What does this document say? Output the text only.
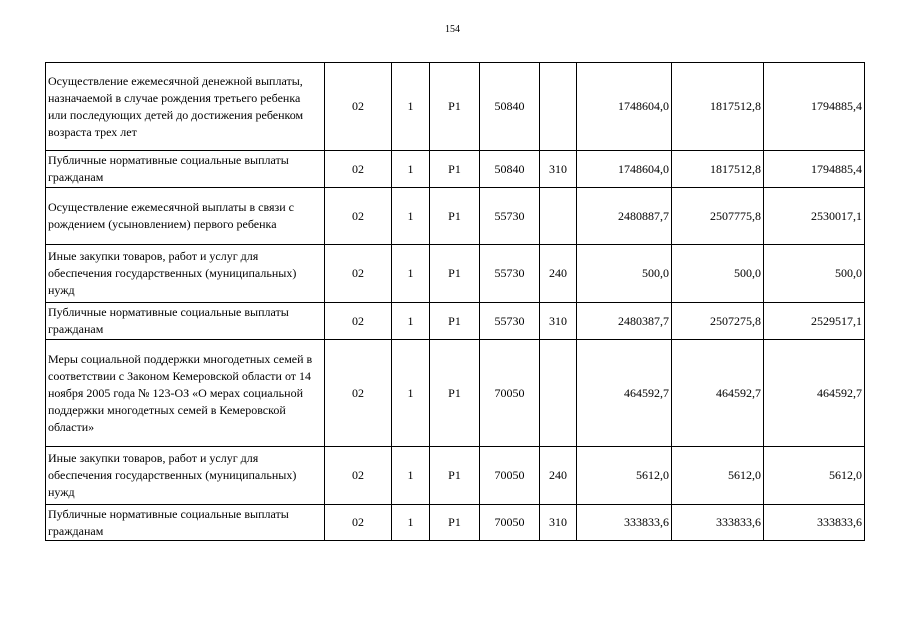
154
Осуществление ежемесячной денежной выплаты, назначаемой в случае рождения третьего ребенка или последующих детей до достижения ребенком возраста трех лет	02	1	P1	50840		1748604,0	1817512,8	1794885,4
Публичные нормативные социальные выплаты гражданам	02	1	P1	50840	310	1748604,0	1817512,8	1794885,4
Осуществление ежемесячной выплаты в связи с рождением (усыновлением) первого ребенка	02	1	P1	55730		2480887,7	2507775,8	2530017,1
Иные закупки товаров, работ и услуг для обеспечения государственных (муниципальных) нужд	02	1	P1	55730	240	500,0	500,0	500,0
Публичные нормативные социальные выплаты гражданам	02	1	P1	55730	310	2480387,7	2507275,8	2529517,1
Меры социальной поддержки многодетных семей в соответствии с Законом Кемеровской области от 14 ноября 2005 года № 123-ОЗ «О мерах социальной поддержки многодетных семей в Кемеровской области»	02	1	P1	70050		464592,7	464592,7	464592,7
Иные закупки товаров, работ и услуг для обеспечения государственных (муниципальных) нужд	02	1	P1	70050	240	5612,0	5612,0	5612,0
Публичные нормативные социальные выплаты гражданам	02	1	P1	70050	310	333833,6	333833,6	333833,6
